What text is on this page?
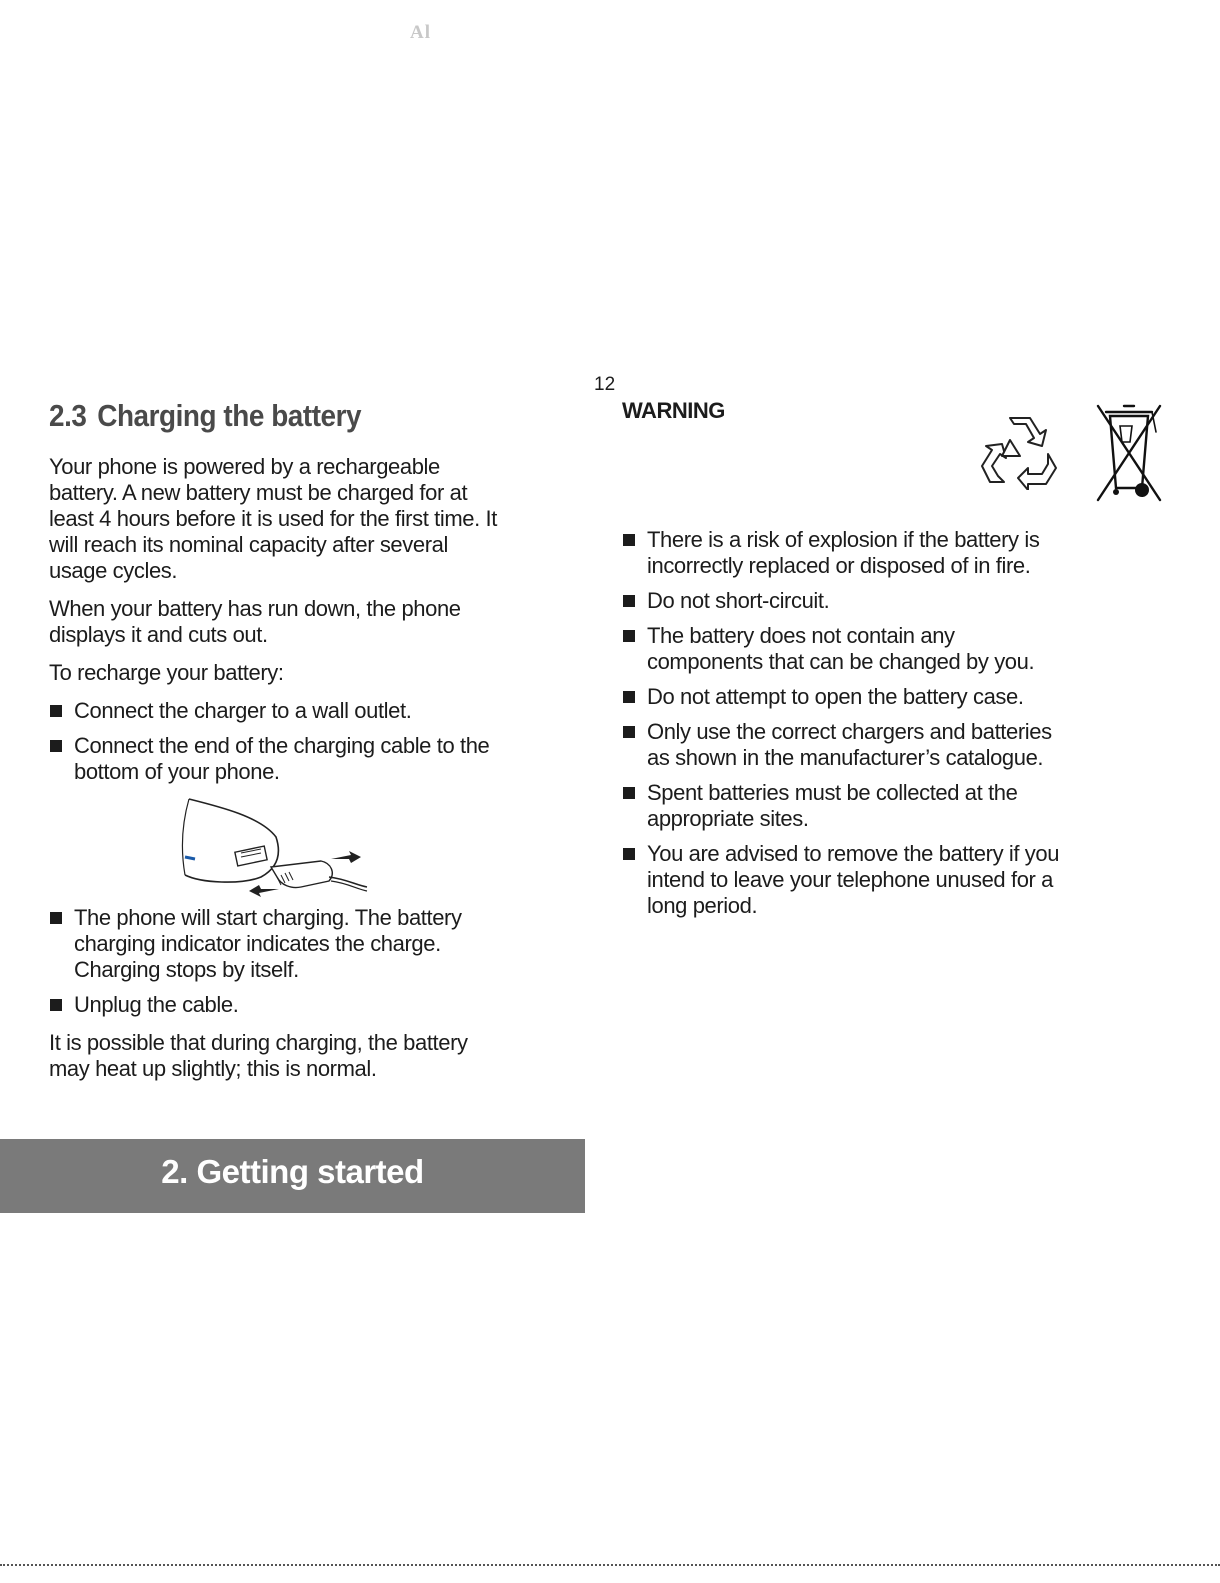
Al
2.3 Charging the battery

Your phone is powered by a rechargeable battery. A new battery must be charged for at least 4 hours before it is used for the first time. It will reach its nominal capacity after several usage cycles.

When your battery has run down, the phone displays it and cuts out.

To recharge your battery:

Connect the charger to a wall outlet.
Connect the end of the charging cable to the bottom of your phone.
The phone will start charging. The battery charging indicator indicates the charge. Charging stops by itself.
Unplug the cable.

It is possible that during charging, the battery may heat up slightly; this is normal.

12
WARNING
There is a risk of explosion if the battery is incorrectly replaced or disposed of in fire.
Do not short-circuit.
The battery does not contain any components that can be changed by you.
Do not attempt to open the battery case.
Only use the correct chargers and batteries as shown in the manufacturer’s catalogue.
Spent batteries must be collected at the appropriate sites.
You are advised to remove the battery if you intend to leave your telephone unused for a long period.
2. Getting started
